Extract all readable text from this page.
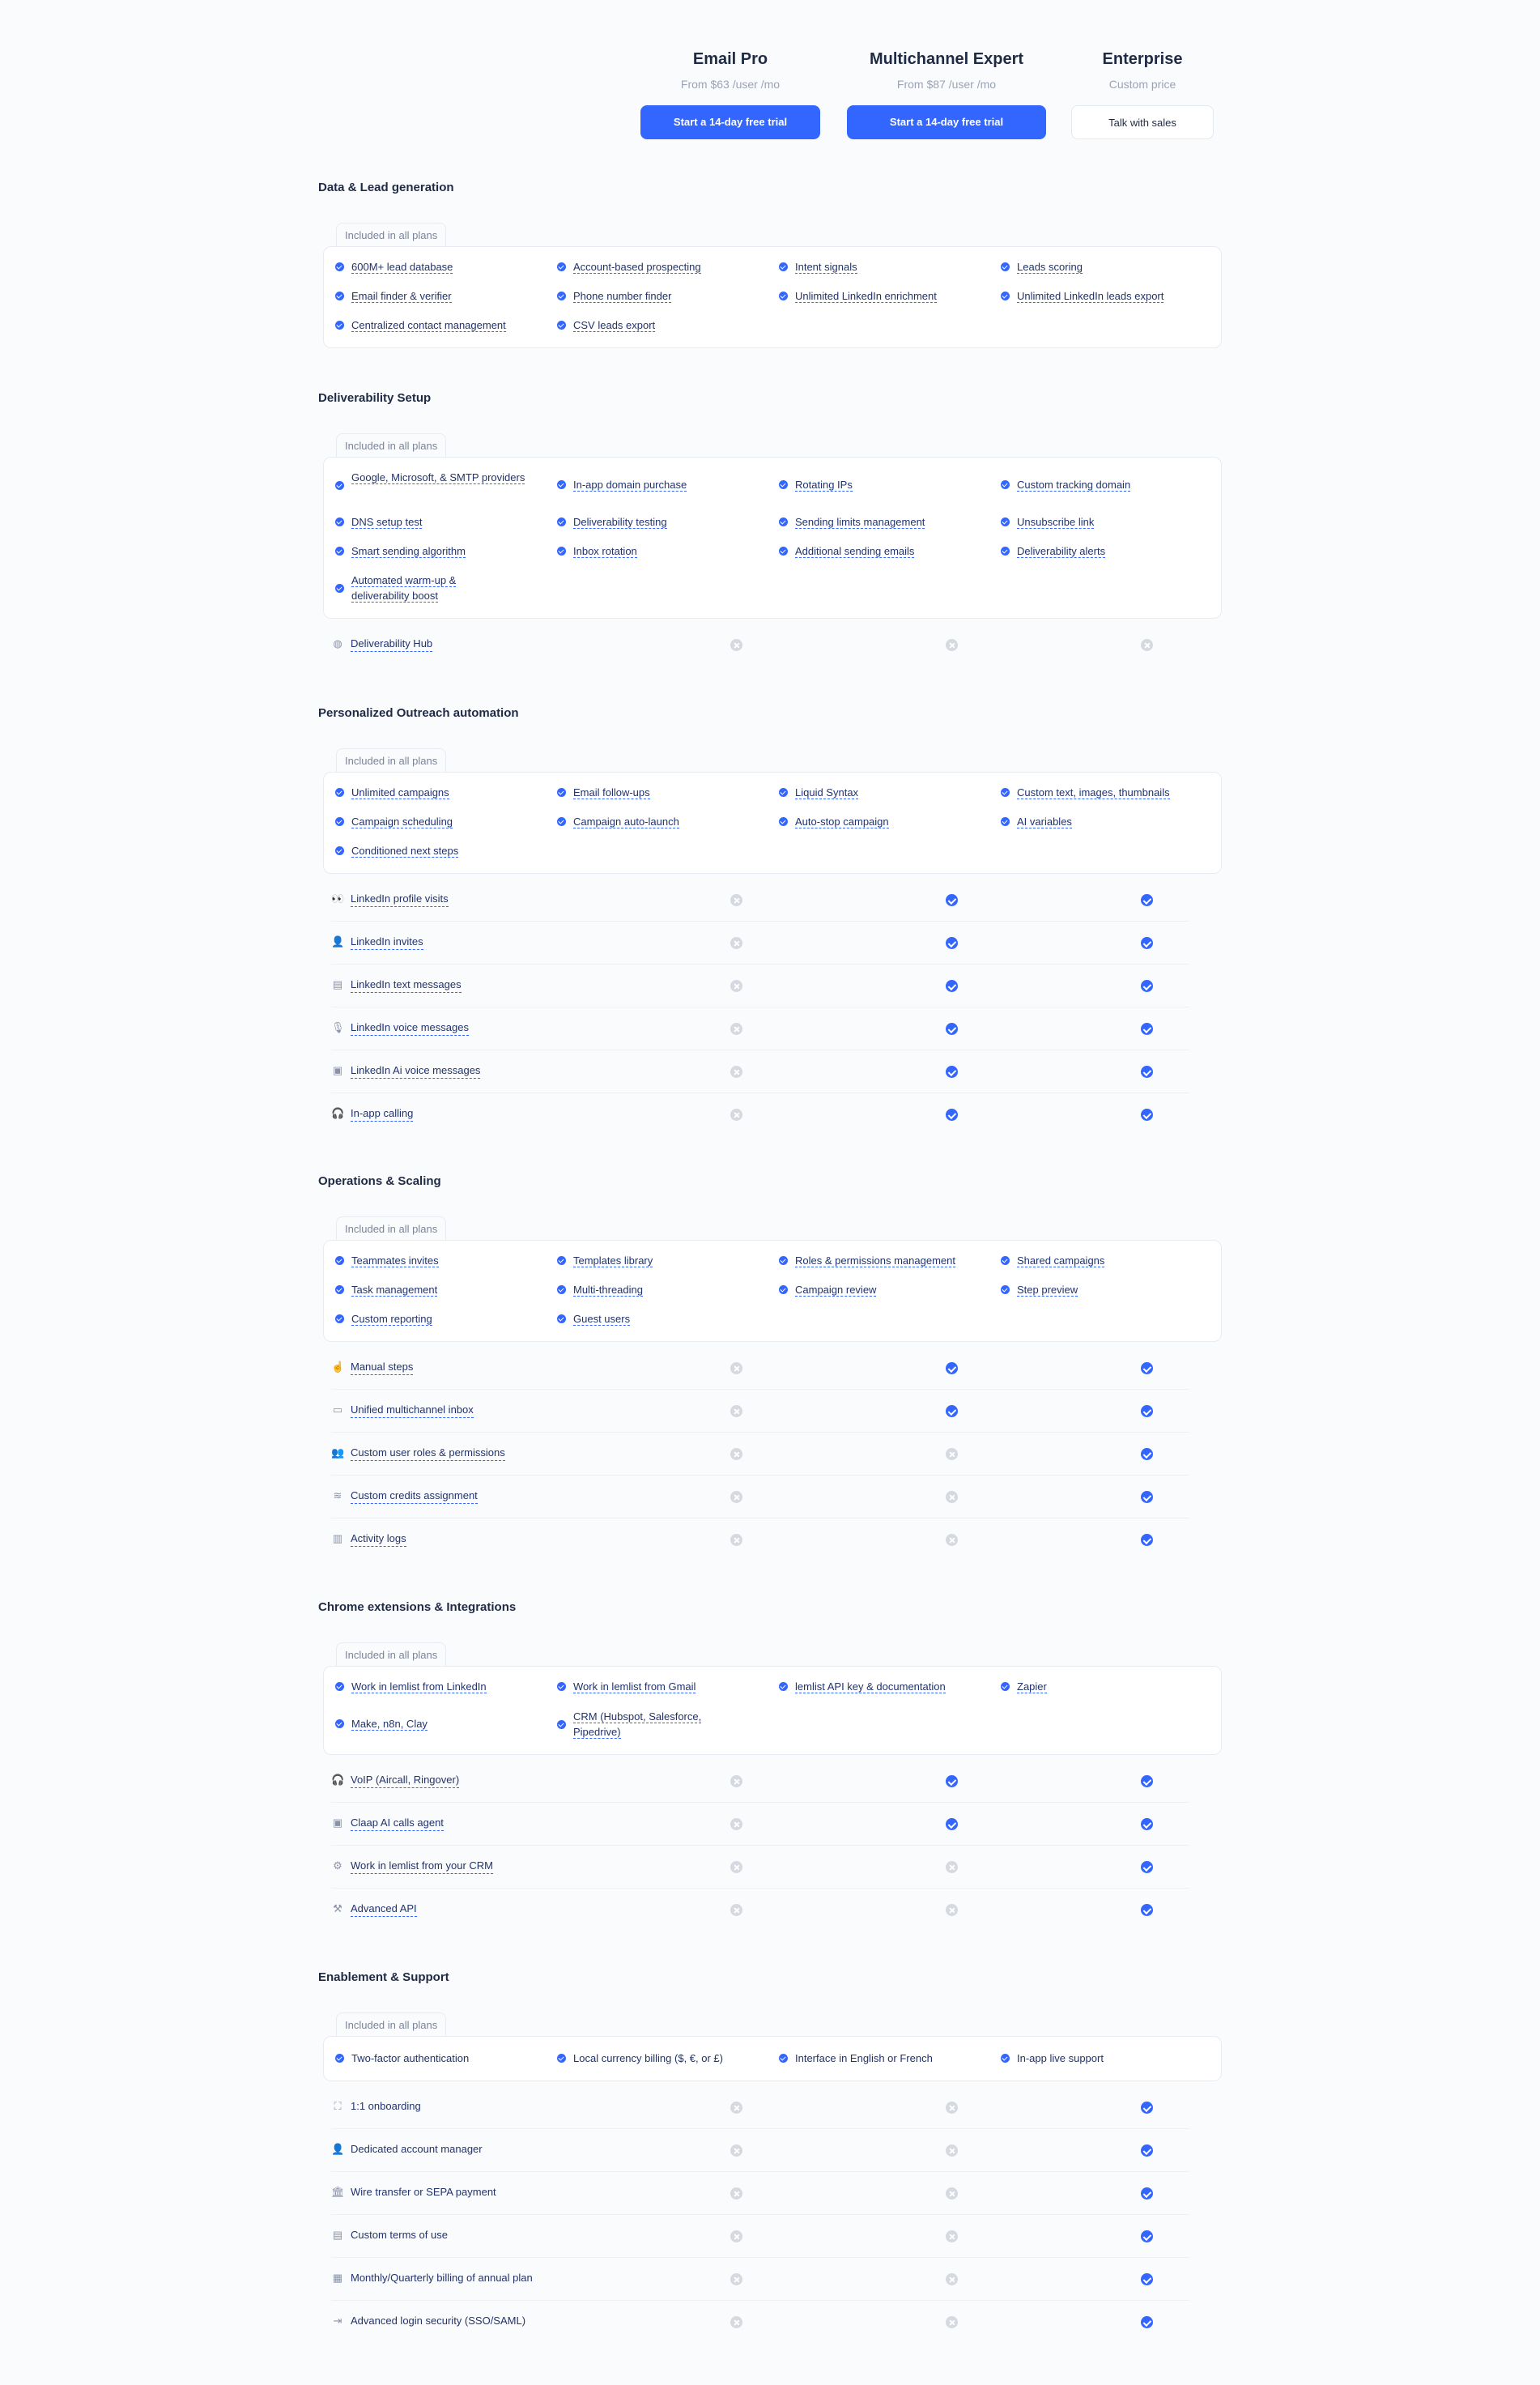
Email Pro
From $63 /user /mo
Start a 14-day free trial
Multichannel Expert
From $87 /user /mo
Start a 14-day free trial
Enterprise
Custom price
Talk with sales
Data & Lead generation
Included in all plans
600M+ lead database	Account-based prospecting	Intent signals	Leads scoring
Email finder & verifier	Phone number finder	Unlimited LinkedIn enrichment	Unlimited LinkedIn leads export
Centralized contact management	CSV leads export
Deliverability Setup
Included in all plans
Google, Microsoft, & SMTP providers
In-app domain purchase	Rotating IPs	Custom tracking domain
DNS setup test	Deliverability testing	Sending limits management	Unsubscribe link
Smart sending algorithm	Inbox rotation	Additional sending emails	Deliverability alerts
Automated warm-up & deliverability boost
◍ Deliverability Hub
Personalized Outreach automation
Included in all plans
Unlimited campaigns	Email follow-ups	Liquid Syntax	Custom text, images, thumbnails
Campaign scheduling	Campaign auto-launch	Auto-stop campaign	AI variables
Conditioned next steps
👀 LinkedIn profile visits
👤 LinkedIn invites
▤ LinkedIn text messages
🎙 LinkedIn voice messages
▣ LinkedIn Ai voice messages
🎧 In-app calling
Operations & Scaling
Included in all plans
Teammates invites	Templates library	Roles & permissions management	Shared campaigns
Task management	Multi-threading	Campaign review	Step preview
Custom reporting	Guest users
☝ Manual steps
▭ Unified multichannel inbox
👥 Custom user roles & permissions
≋ Custom credits assignment
▥ Activity logs
Chrome extensions & Integrations
Included in all plans
Work in lemlist from LinkedIn	Work in lemlist from Gmail	lemlist API key & documentation	Zapier
Make, n8n, Clay
CRM (Hubspot, Salesforce, Pipedrive)
🎧 VoIP (Aircall, Ringover)
▣ Claap AI calls agent
⚙ Work in lemlist from your CRM
⚒ Advanced API
Enablement & Support
Included in all plans
Two-factor authentication	Local currency billing ($, €, or £)	Interface in English or French	In-app live support
⛶ 1:1 onboarding
👤 Dedicated account manager
🏛 Wire transfer or SEPA payment
▤ Custom terms of use
▦ Monthly/Quarterly billing of annual plan
⇥ Advanced login security (SSO/SAML)
